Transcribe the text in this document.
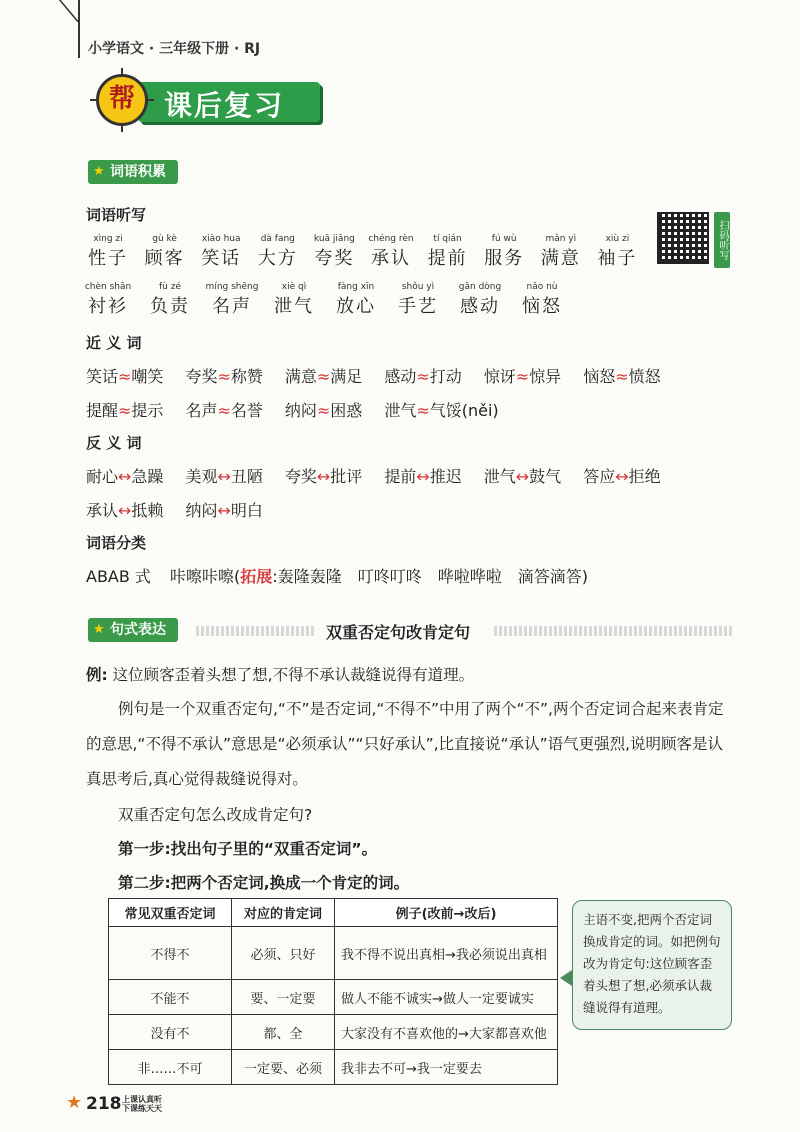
小学语文 · 三年级下册 · RJ
帮	课后复习
★ 词语积累
词语听写
扫码听写
xìng zi
性子
gù kè
顾客
xiào hua
笑话
dà fang
大方
kuā jiǎng
夸奖
chéng rèn
承认
tí qián
提前
fú wù
服务
mǎn yì
满意
xiù zi
袖子
chèn shān
衬衫
fù zé
负责
míng shēng
名声
xiè qì
泄气
fàng xīn
放心
shǒu yì
手艺
gǎn dòng
感动
nǎo nù
恼怒
近 义 词
笑话≈嘲笑 夸奖≈称赞 满意≈满足 感动≈打动 惊讶≈惊异 恼怒≈愤怒
提醒≈提示 名声≈名誉 纳闷≈困惑 泄气≈气馁(něi)
反 义 词
耐心↔急躁 美观↔丑陋 夸奖↔批评 提前↔推迟 泄气↔鼓气 答应↔拒绝
承认↔抵赖 纳闷↔明白
词语分类
ABAB 式 咔嚓咔嚓(拓展:轰隆轰隆　叮咚叮咚　哗啦哗啦　滴答滴答)
★ 句式表达	双重否定句改肯定句
例: 这位顾客歪着头想了想,不得不承认裁缝说得有道理。
例句是一个双重否定句,“不”是否定词,“不得不”中用了两个“不”,两个否定词合起来表肯定的意思,“不得不承认”意思是“必须承认”“只好承认”,比直接说“承认”语气更强烈,说明顾客是认真思考后,真心觉得裁缝说得对。
双重否定句怎么改成肯定句?
第一步:找出句子里的“双重否定词”。
第二步:把两个否定词,换成一个肯定的词。
常见双重否定词	对应的肯定词	例子(改前→改后)
不得不	必须、只好	我不得不说出真相→我必须说出真相
不能不	要、一定要	做人不能不诚实→做人一定要诚实
没有不	都、全	大家没有不喜欢他的→大家都喜欢他
非……不可	一定要、必须	我非去不可→我一定要去
主语不变,把两个否定词换成肯定的词。如把例句改为肯定句:这位顾客歪着头想了想,必须承认裁缝说得有道理。
★ 218 上课认真听 下课练天天
